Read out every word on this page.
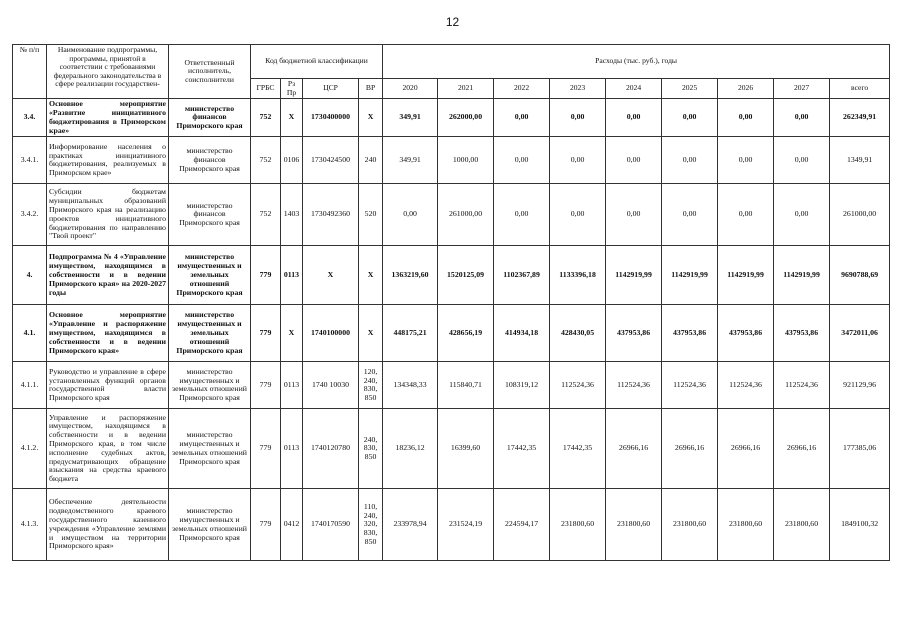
12
№ п/п	Наименование подпрограммы, программы, принятой в соответствии с требованиями федерального законодательства в сфере реализации государствен-	Ответственный исполнитель, соисполнители	Код бюджетной классификации				Расходы (тыс. руб.), годы								
			ГРБС	Рз Пр	ЦСР	ВР	2020	2021	2022	2023	2024	2025	2026	2027	всего
3.4.	Основное мероприятие «Развитие инициативного бюджетирования в Приморском крае»	министерство финансов Приморского края	752	X	1730400000	X	349,91	262000,00	0,00	0,00	0,00	0,00	0,00	0,00	262349,91
3.4.1.	Информирование населения о практиках инициативного бюджетирования, реализуемых в Приморском крае»	министерство финансов Приморского края	752	0106	1730424500	240	349,91	1000,00	0,00	0,00	0,00	0,00	0,00	0,00	1349,91
3.4.2.	Субсидии бюджетам муниципальных образований Приморского края на реализацию проектов инициативного бюджетирования по направлению "Твой проект"	министерство финансов Приморского края	752	1403	1730492360	520	0,00	261000,00	0,00	0,00	0,00	0,00	0,00	0,00	261000,00
4.	Подпрограмма № 4 «Управление имуществом, находящимся в собственности и в ведении Приморского края» на 2020-2027 годы	министерство имущественных и земельных отношений Приморского края	779	0113	X	X	1363219,60	1520125,09	1102367,89	1133396,18	1142919,99	1142919,99	1142919,99	1142919,99	9690788,69
4.1.	Основное мероприятие «Управление и распоряжение имуществом, находящимся в собственности и в ведении Приморского края»	министерство имущественных и земельных отношений Приморского края	779	X	1740100000	X	448175,21	428656,19	414934,18	428430,05	437953,86	437953,86	437953,86	437953,86	3472011,06
4.1.1.	Руководство и управление в сфере установленных функций органов государственной власти Приморского края	министерство имущественных и земельных отношений Приморского края	779	0113	1740 10030	120, 240, 830, 850	134348,33	115840,71	108319,12	112524,36	112524,36	112524,36	112524,36	112524,36	921129,96
4.1.2.	Управление и распоряжение имуществом, находящимся в собственности и в ведении Приморского края, в том числе исполнение судебных актов, предусматривающих обращение взыскания на средства краевого бюджета	министерство имущественных и земельных отношений Приморского края	779	0113	1740120780	240, 830, 850	18236,12	16399,60	17442,35	17442,35	26966,16	26966,16	26966,16	26966,16	177385,06
4.1.3.	Обеспечение деятельности подведомственного краевого государственного казенного учреждения «Управление землями и имуществом на территории Приморского края»	министерство имущественных и земельных отношений Приморского края	779	0412	1740170590	110, 240, 320, 830, 850	233978,94	231524,19	224594,17	231800,60	231800,60	231800,60	231800,60	231800,60	1849100,32
